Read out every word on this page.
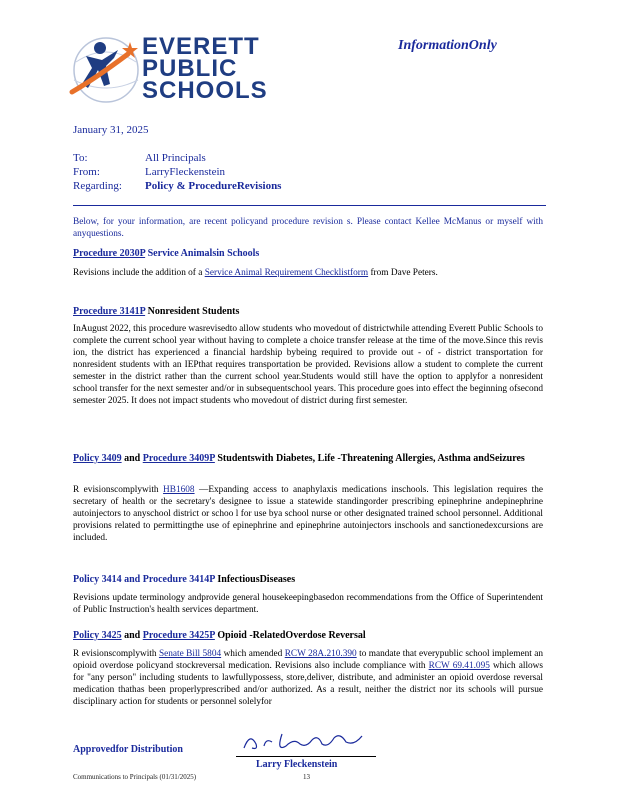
EVERETT
PUBLIC
SCHOOLS
InformationOnly
January 31, 2025
To:	All Principals
From:	LarryFleckenstein
Regarding: Policy & ProcedureRevisions
Below, for your information, are recent policyand procedure revision s. Please contact Kellee McManus or myself with anyquestions.
Procedure 2030P Service Animalsin Schools
Revisions include the addition of a Service Animal Requirement Checklistform from Dave Peters.
Procedure 3141P Nonresident Students
InAugust 2022, this procedure wasrevisedto allow students who movedout of districtwhile attending Everett Public Schools to complete the current school year without having to complete a choice transfer release at the time of the move.Since this revis ion, the district has experienced a financial hardship bybeing required to provide out - of - district transportation for nonresident students with an IEPthat requires transportation be provided. Revisions allow a student to complete the current semester in the district rather than the current school year.Students would still have the option to applyfor a nonresident school transfer for the next semester and/or in subsequentschool years. This procedure goes into effect the beginning ofsecond semester 2025. It does not impact students who movedout of district during first semester.
Policy 3409 and Procedure 3409P Studentswith Diabetes, Life -Threatening Allergies, Asthma andSeizures
R evisionscomplywith HB1608 —Expanding access to anaphylaxis medications inschools. This legislation requires the secretary of health or the secretary's designee to issue a statewide standingorder prescribing epinephrine andepinephrine autoinjectors to anyschool district or schoo l for use bya school nurse or other designated trained school personnel. Additional provisions related to permittingthe use of epinephrine and epinephrine autoinjectors inschools and sanctionedexcursions are included.
Policy 3414 and Procedure 3414P InfectiousDiseases
Revisions update terminology andprovide general housekeepingbasedon recommendations from the Office of Superintendent of Public Instruction's health services department.
Policy 3425 and Procedure 3425P Opioid -RelatedOverdose Reversal
R evisionscomplywith Senate Bill 5804 which amended RCW 28A.210.390 to mandate that everypublic school implement an opioid overdose policyand stockreversal medication. Revisions also include compliance with RCW 69.41.095 which allows for "any person" including students to lawfullypossess, store,deliver, distribute, and administer an opioid overdose reversal medication thathas been properlyprescribed and/or authorized. As a result, neither the district nor its schools will pursue disciplinary action for students or personnel solelyfor
Approvedfor Distribution
Larry Fleckenstein
Communications to Principals (01/31/2025)	13
